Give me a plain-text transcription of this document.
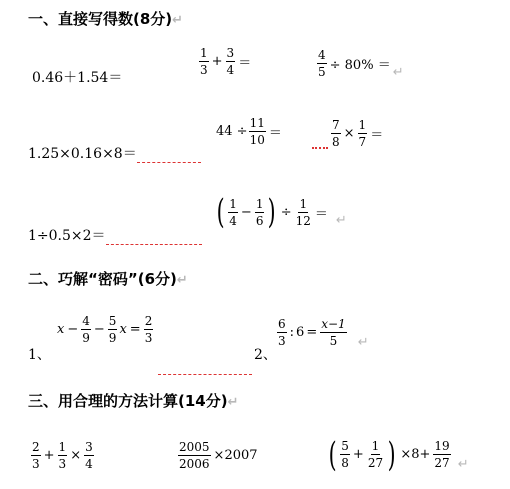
一、直接写得数(8分)↵
0.46＋1.54＝
$\frac{1}{3} + \frac{3}{4}$ ＝	$\frac{4}{5} \div 80\%$ ＝ ↵
1.25×0.16×8＝
$44 \div \frac{11}{10}$ ＝	$\frac{7}{8} \times \frac{1}{7}$ ＝
1÷0.5×2＝
( $\frac{1}{4} - \frac{1}{6}$ ) ÷ $\frac{1}{12}$ ＝ ↵
二、巧解“密码”(6分)↵
1、
$x - \frac{4}{9} - \frac{5}{9}$ $x = \frac{2}{3}$
2、
$\frac{6}{3}$ : $6 = \frac{x-1}{5}$ ↵
三、用合理的方法计算(14分)↵
$\frac{2}{3} + \frac{1}{3} \times \frac{3}{4}$	$\frac{2005}{2006} \times 2007$ ( $\frac{5}{8} + \frac{1}{27}$ ) $\times 8+ \frac{19}{27}$ ↵
